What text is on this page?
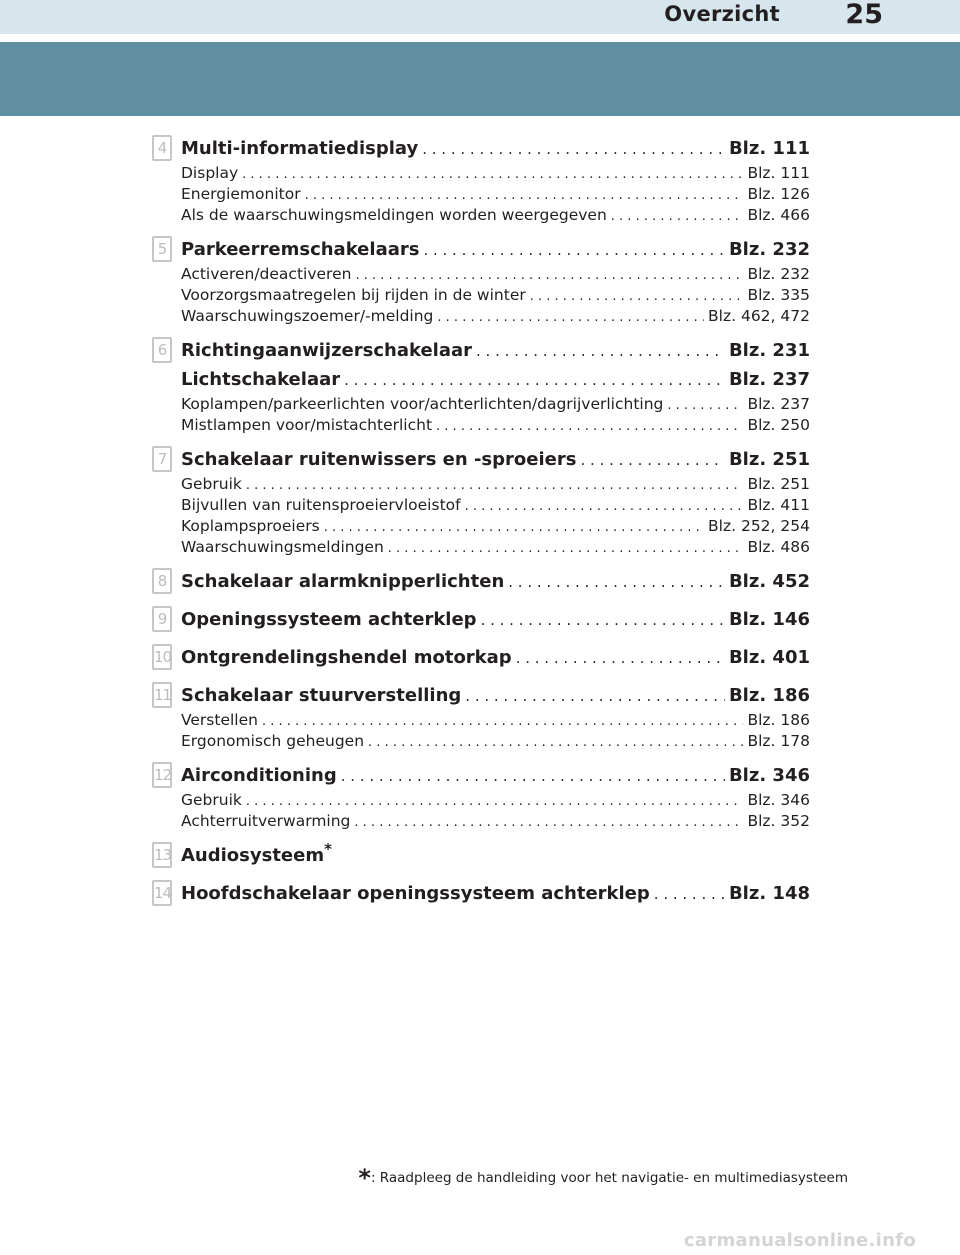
Overzicht 25
4 Multi-informatiedisplay . . .	Blz. 111
Display . . .	Blz. 111
Energiemonitor . . .	Blz. 126
Als de waarschuwingsmeldingen worden weergegeven . . .	Blz. 466
5 Parkeerremschakelaars . . .	Blz. 232
Activeren/deactiveren . . .	Blz. 232
Voorzorgsmaatregelen bij rijden in de winter . . .	Blz. 335
Waarschuwingszoemer/-melding . . .	Blz. 462, 472
6 Richtingaanwijzerschakelaar . . .	Blz. 231
Lichtschakelaar . . .	Blz. 237
Koplampen/parkeerlichten voor/achterlichten/dagrijverlichting . . .	Blz. 237
Mistlampen voor/mistachterlicht . . .	Blz. 250
7 Schakelaar ruitenwissers en -sproeiers . . .	Blz. 251
Gebruik . . .	Blz. 251
Bijvullen van ruitensproeiervloeistof . . .	Blz. 411
Koplampsproeiers . . .	Blz. 252, 254
Waarschuwingsmeldingen . . .	Blz. 486
8 Schakelaar alarmknipperlichten . . .	Blz. 452
9 Openingssysteem achterklep . . .	Blz. 146
10 Ontgrendelingshendel motorkap . . .	Blz. 401
11 Schakelaar stuurverstelling . . .	Blz. 186
Verstellen . . .	Blz. 186
Ergonomisch geheugen . . .	Blz. 178
12 Airconditioning . . .	Blz. 346
Gebruik . . .	Blz. 346
Achterruitverwarming . . .	Blz. 352
13 Audiosysteem*
14 Hoofdschakelaar openingssysteem achterklep . . .	Blz. 148
*: Raadpleeg de handleiding voor het navigatie- en multimediasysteem
carmanualsonline.info
